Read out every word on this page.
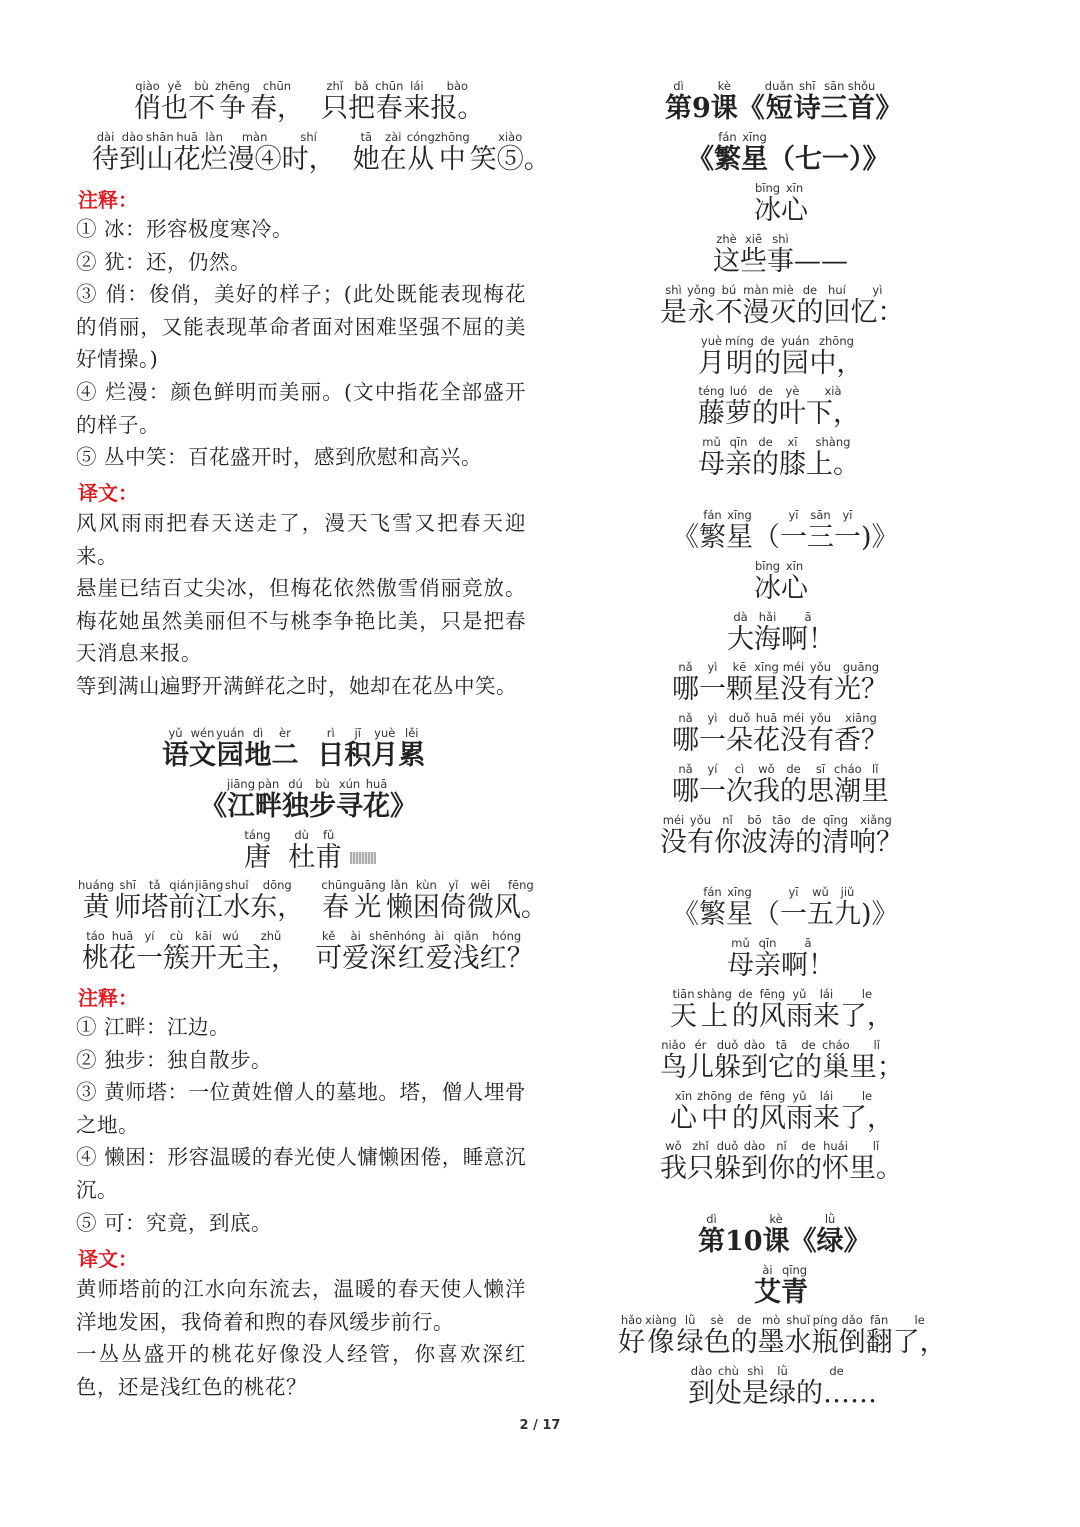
qiào
俏
yě
也
bù
不
zhēng
争
chūn
春，

zhǐ
只
bǎ
把
chūn
春
lái
来
bào
报。
dài
待
dào
到
shān
山
huā
花
làn
烂
màn
漫④
shí
时，

tā
她
zài
在
cóng
从
zhōng
中
xiào
笑⑤。
注释：

① 冰：形容极度寒冷。

② 犹：还，仍然。

③ 俏：俊俏，美好的样子；(此处既能表现梅花的俏丽，又能表现革命者面对困难坚强不屈的美好情操。)

④ 烂漫：颜色鲜明而美丽。(文中指花全部盛开的样子。

⑤ 丛中笑：百花盛开时，感到欣慰和高兴。

译文：

风风雨雨把春天送走了，漫天飞雪又把春天迎来。

悬崖已结百丈尖冰，但梅花依然傲雪俏丽竞放。梅花她虽然美丽但不与桃李争艳比美，只是把春天消息来报。

等到满山遍野开满鲜花之时，她却在花丛中笑。

yǔ
语
wén
文
yuán
园
dì
地
èr
二

rì
日
jī
积
yuè
月
lěi
累

《
jiāng
江
pàn
畔
dú
独
bù
步
xún
寻
huā
花
》
táng
唐

dù
杜
fǔ
甫
huáng
黄
shī
师
tǎ
塔
qián
前
jiāng
江
shuǐ
水
dōng
东，

chūn
春
guāng
光
lǎn
懒
kùn
困
yǐ
倚
wēi
微
fēng
风。
táo
桃
huā
花
yí
一
cù
簇
kāi
开
wú
无
zhǔ
主，

kě
可
ài
爱
shēn
深
hóng
红
ài
爱
qiǎn
浅
hóng
红？
注释：

① 江畔：江边。

② 独步：独自散步。

③ 黄师塔：一位黄姓僧人的墓地。塔，僧人埋骨之地。

④ 懒困：形容温暖的春光使人慵懒困倦，睡意沉沉。

⑤ 可：究竟，到底。

译文：

黄师塔前的江水向东流去，温暖的春天使人懒洋洋地发困，我倚着和煦的春风缓步前行。

一丛丛盛开的桃花好像没人经管，你喜欢深红色，还是浅红色的桃花？

dì
第
9
kè
课
《
duǎn
短
shī
诗
sān
三
shǒu
首
》

《
fán
繁
xīng
星
（七一）》
bīng
冰
xīn
心
zhè
这
xiē
些
shì
事
——
shì
是
yǒng
永
bú
不
màn
漫
miè
灭
de
的
huí
回
yì
忆：
yuè
月
míng
明
de
的
yuán
园
zhōng
中，
téng
藤
luó
萝
de
的
yè
叶
xià
下，
mǔ
母
qīn
亲
de
的
xī
膝
shàng
上。

《
fán
繁
xīng
星
（
yī
一
sān
三
yī
一
)》
bīng
冰
xīn
心
dà
大
hǎi
海
ā
啊！
nǎ
哪
yì
一
kē
颗
xīng
星
méi
没
yǒu
有
guāng
光？
nǎ
哪
yì
一
duǒ
朵
huā
花
méi
没
yǒu
有
xiāng
香？
nǎ
哪
yí
一
cì
次
wǒ
我
de
的
sī
思
cháo
潮
lǐ
里
méi
没
yǒu
有
nǐ
你
bō
波
tāo
涛
de
的
qīng
清
xiǎng
响？

《
fán
繁
xīng
星
（
yī
一
wǔ
五
jiǔ
九
)》
mǔ
母
qīn
亲
ā
啊！
tiān
天
shàng
上
de
的
fēng
风
yǔ
雨
lái
来
le
了，
niǎo
鸟
ér
儿
duǒ
躲
dào
到
tā
它
de
的
cháo
巢
lǐ
里；
xīn
心
zhōng
中
de
的
fēng
风
yǔ
雨
lái
来
le
了，
wǒ
我
zhǐ
只
duǒ
躲
dào
到
nǐ
你
de
的
huái
怀
lǐ
里。
dì
第
10
kè
课
《
lǜ
绿
》
ài
艾
qīng
青
hǎo
好
xiàng
像
lǜ
绿
sè
色
de
的
mò
墨
shuǐ
水
píng
瓶
dǎo
倒
fān
翻
le
了，
dào
到
chù
处
shì
是
lǜ
绿
de
的……
2 / 17
